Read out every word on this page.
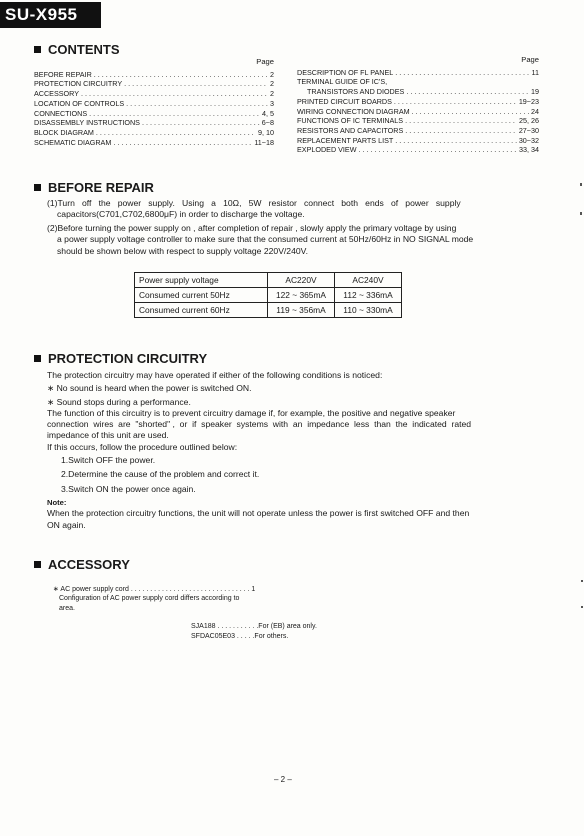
SU-X955
CONTENTS
Page
BEFORE REPAIR . . .	2
PROTECTION CIRCUITRY . . .	2
ACCESSORY . . .	2
LOCATION OF CONTROLS . . .	3
CONNECTIONS . . .	4, 5
DISASSEMBLY INSTRUCTIONS . . .	6~8
BLOCK DIAGRAM . . .	9, 10
SCHEMATIC DIAGRAM . . .	11~18
Page
DESCRIPTION OF FL PANEL . . .	11
TERMINAL GUIDE OF IC'S,
TRANSISTORS AND DIODES . . .	19
PRINTED CIRCUIT BOARDS . . .	19~23
WIRING CONNECTION DIAGRAM . . .	24
FUNCTIONS OF IC TERMINALS . . .	25, 26
RESISTORS AND CAPACITORS . . .	27~30
REPLACEMENT PARTS LIST . . .	30~32
EXPLODED VIEW . . .	33, 34
BEFORE REPAIR
(1)Turn   off   the   power   supply.   Using   a   10Ω,   5W   resistor   connect   both   ends   of   power   supply
capacitors(C701,C702,6800μF) in order to discharge the voltage.
(2)Before turning the power supply on , after completion of repair , slowly apply the primary voltage by using
a power supply voltage controller to make sure that the consumed current at 50Hz/60Hz in NO SIGNAL mode
should be shown below with respect to supply voltage 220V/240V.
Power supply voltage	AC220V	AC240V
Consumed current 50Hz	122 ~ 365mA	112 ~ 336mA
Consumed current 60Hz	119 ~ 356mA	110 ~ 330mA
PROTECTION CIRCUITRY
The protection circuitry may have operated if either of the following conditions is noticed:
∗ No sound is heard when the power is switched ON.
∗ Sound stops during a performance.
The function of this circuitry is to prevent circuitry damage if, for example, the positive and negative speaker
connection  wires  are  "shorted" ,  or  if  speaker  systems  with  an  impedance  less  than  the  indicated  rated
impedance of this unit are used.
If this occurs, follow the procedure outlined below:
1.Switch OFF the power.
2.Determine the cause of the problem and correct it.
3.Switch ON the power once again.
Note:
When the protection circuitry functions, the unit will not operate unless the power is first switched OFF and then
ON again.
ACCESSORY
∗ AC power supply cord . . . . . . . . . . . . . . . . . . . . . . . . . . . . . . . 1
Configuration of AC power supply cord differs according to
area.
SJA188 . . . . . . . . . . .For (EB) area only.
SFDAC05E03 . . . . .For others.
– 2 –
